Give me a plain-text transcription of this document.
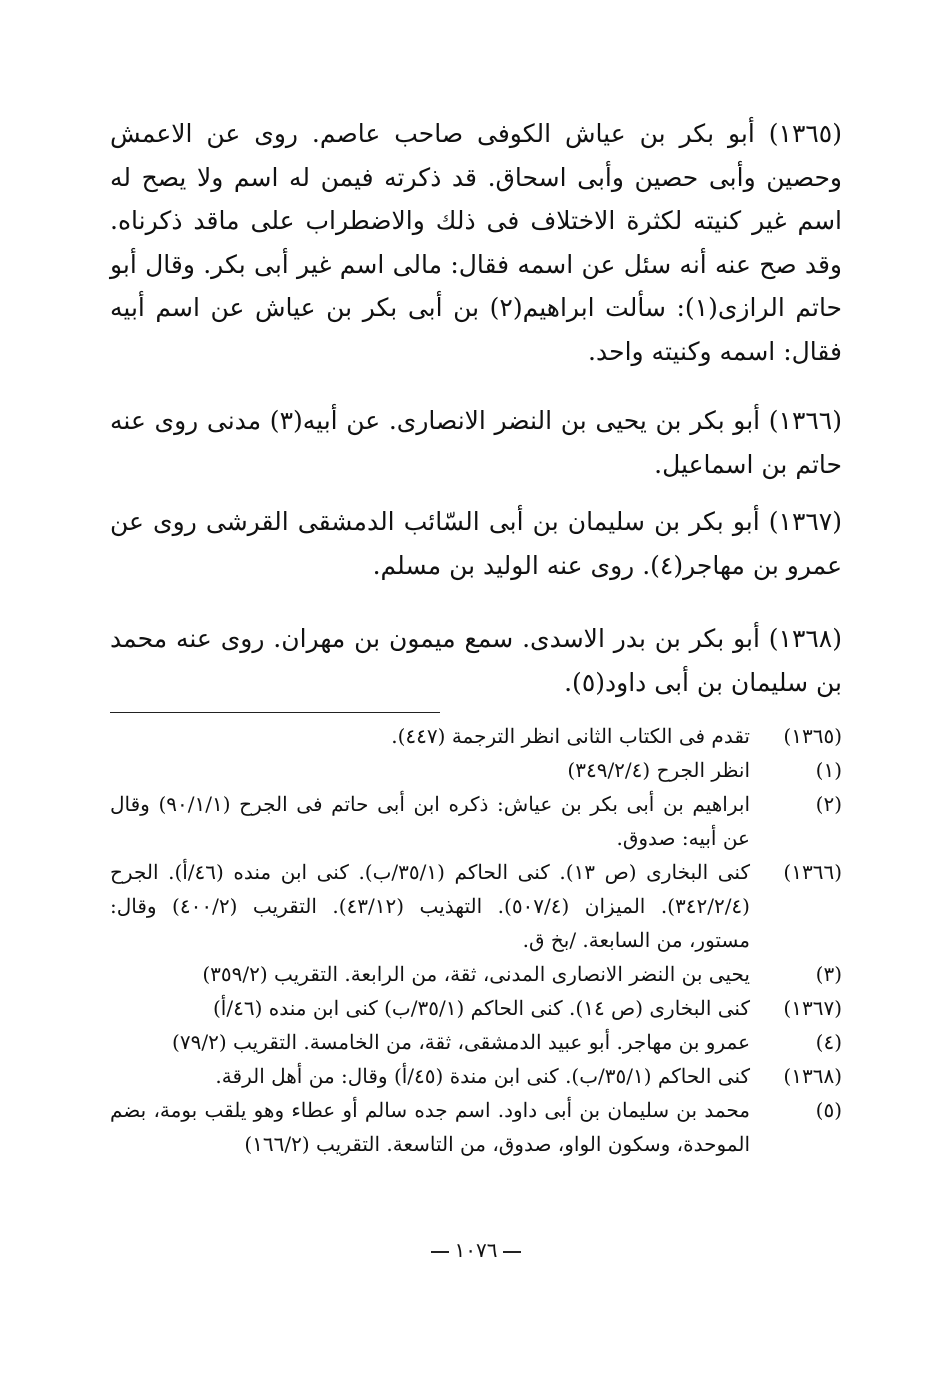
(١٣٦٥) أبو بكر بن عياش الكوفى صاحب عاصم. روى عن الاعمش وحصين وأبى حصين وأبى اسحاق. قد ذكرته فيمن له اسم ولا يصح له اسم غير كنيته لكثرة الاختلاف فى ذلك والاضطراب على ماقد ذكرناه. وقد صح عنه أنه سئل عن اسمه فقال: مالى اسم غير أبى بكر. وقال أبو حاتم الرازى(١): سألت ابراهيم(٢) بن أبى بكر بن عياش عن اسم أبيه فقال: اسمه وكنيته واحد.

(١٣٦٦) أبو بكر بن يحيى بن النضر الانصارى. عن أبيه(٣) مدنى روى عنه حاتم بن اسماعيل.

(١٣٦٧) أبو بكر بن سليمان بن أبى السّائب الدمشقى القرشى روى عن عمرو بن مهاجر(٤). روى عنه الوليد بن مسلم.

(١٣٦٨) أبو بكر بن بدر الاسدى. سمع ميمون بن مهران. روى عنه محمد بن سليمان بن أبى داود(٥).

(١٣٦٥)
تقدم فى الكتاب الثانى انظر الترجمة (٤٤٧).
(١)
انظر الجرح (٣٤٩/٢/٤)
(٢)
ابراهيم بن أبى بكر بن عياش: ذكره ابن أبى حاتم فى الجرح (٩٠/١/١) وقال عن أبيه: صدوق.
(١٣٦٦)
كنى البخارى (ص ١٣). كنى الحاكم (٣٥/١/ب). كنى ابن منده (٤٦/أ). الجرح (٣٤٢/٢/٤). الميزان (٥٠٧/٤). التهذيب (٤٣/١٢). التقريب (٤٠٠/٢) وقال: مستور، من السابعة. /بخ ق.
(٣)
يحيى بن النضر الانصارى المدنى، ثقة، من الرابعة. التقريب (٣٥٩/٢)
(١٣٦٧)
كنى البخارى (ص ١٤). كنى الحاكم (٣٥/١/ب) كنى ابن منده (٤٦/أ)
(٤)
عمرو بن مهاجر. أبو عبيد الدمشقى، ثقة، من الخامسة. التقريب (٧٩/٢)
(١٣٦٨)
كنى الحاكم (٣٥/١/ب). كنى ابن مندة (٤٥/أ) وقال: من أهل الرقة.
(٥)
محمد بن سليمان بن أبى داود. اسم جده سالم أو عطاء وهو يلقب بومة، بضم الموحدة، وسكون الواو، صدوق، من التاسعة. التقريب (١٦٦/٢)
١٠٧٦
